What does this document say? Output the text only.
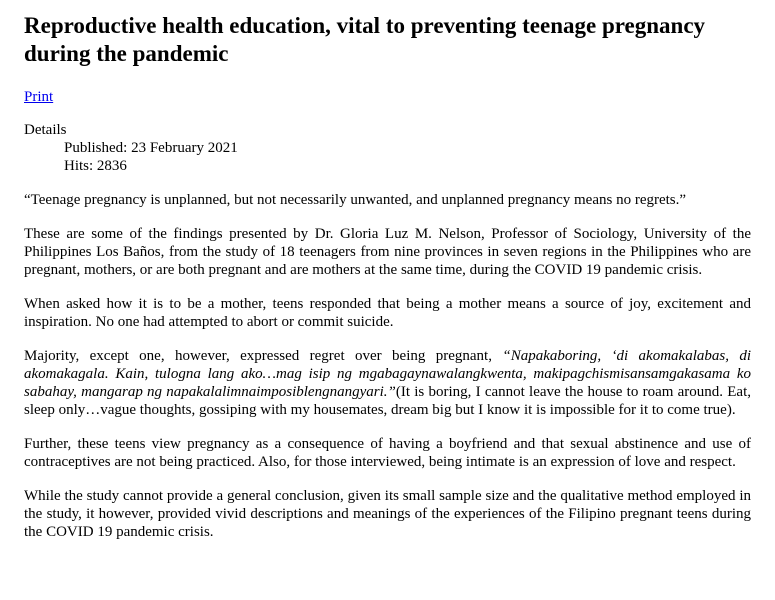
Reproductive health education, vital to preventing teenage pregnancy during the pandemic
Print
Details
Published: 23 February 2021
Hits: 2836

“Teenage pregnancy is unplanned, but not necessarily unwanted, and unplanned pregnancy means no regrets.”

These are some of the findings presented by Dr. Gloria Luz M. Nelson, Professor of Sociology, University of the Philippines Los Baños, from the study of 18 teenagers from nine provinces in seven regions in the Philippines who are pregnant, mothers, or are both pregnant and are mothers at the same time, during the COVID 19 pandemic crisis.

When asked how it is to be a mother, teens responded that being a mother means a source of joy, excitement and inspiration. No one had attempted to abort or commit suicide.

Majority, except one, however, expressed regret over being pregnant, “Napakaboring, ‘di akomakalabas, di akomakagala. Kain, tulogna lang ako…mag isip ng mgabagaynawalangkwenta, makipagchismisansamgakasama ko sabahay, mangarap ng napakalalimnaimposiblengnangyari.”(It is boring, I cannot leave the house to roam around. Eat, sleep only…vague thoughts, gossiping with my housemates, dream big but I know it is impossible for it to come true).

Further, these teens view pregnancy as a consequence of having a boyfriend and that sexual abstinence and use of contraceptives are not being practiced. Also, for those interviewed, being intimate is an expression of love and respect.

While the study cannot provide a general conclusion, given its small sample size and the qualitative method employed in the study, it however, provided vivid descriptions and meanings of the experiences of the Filipino pregnant teens during the COVID 19 pandemic crisis.
